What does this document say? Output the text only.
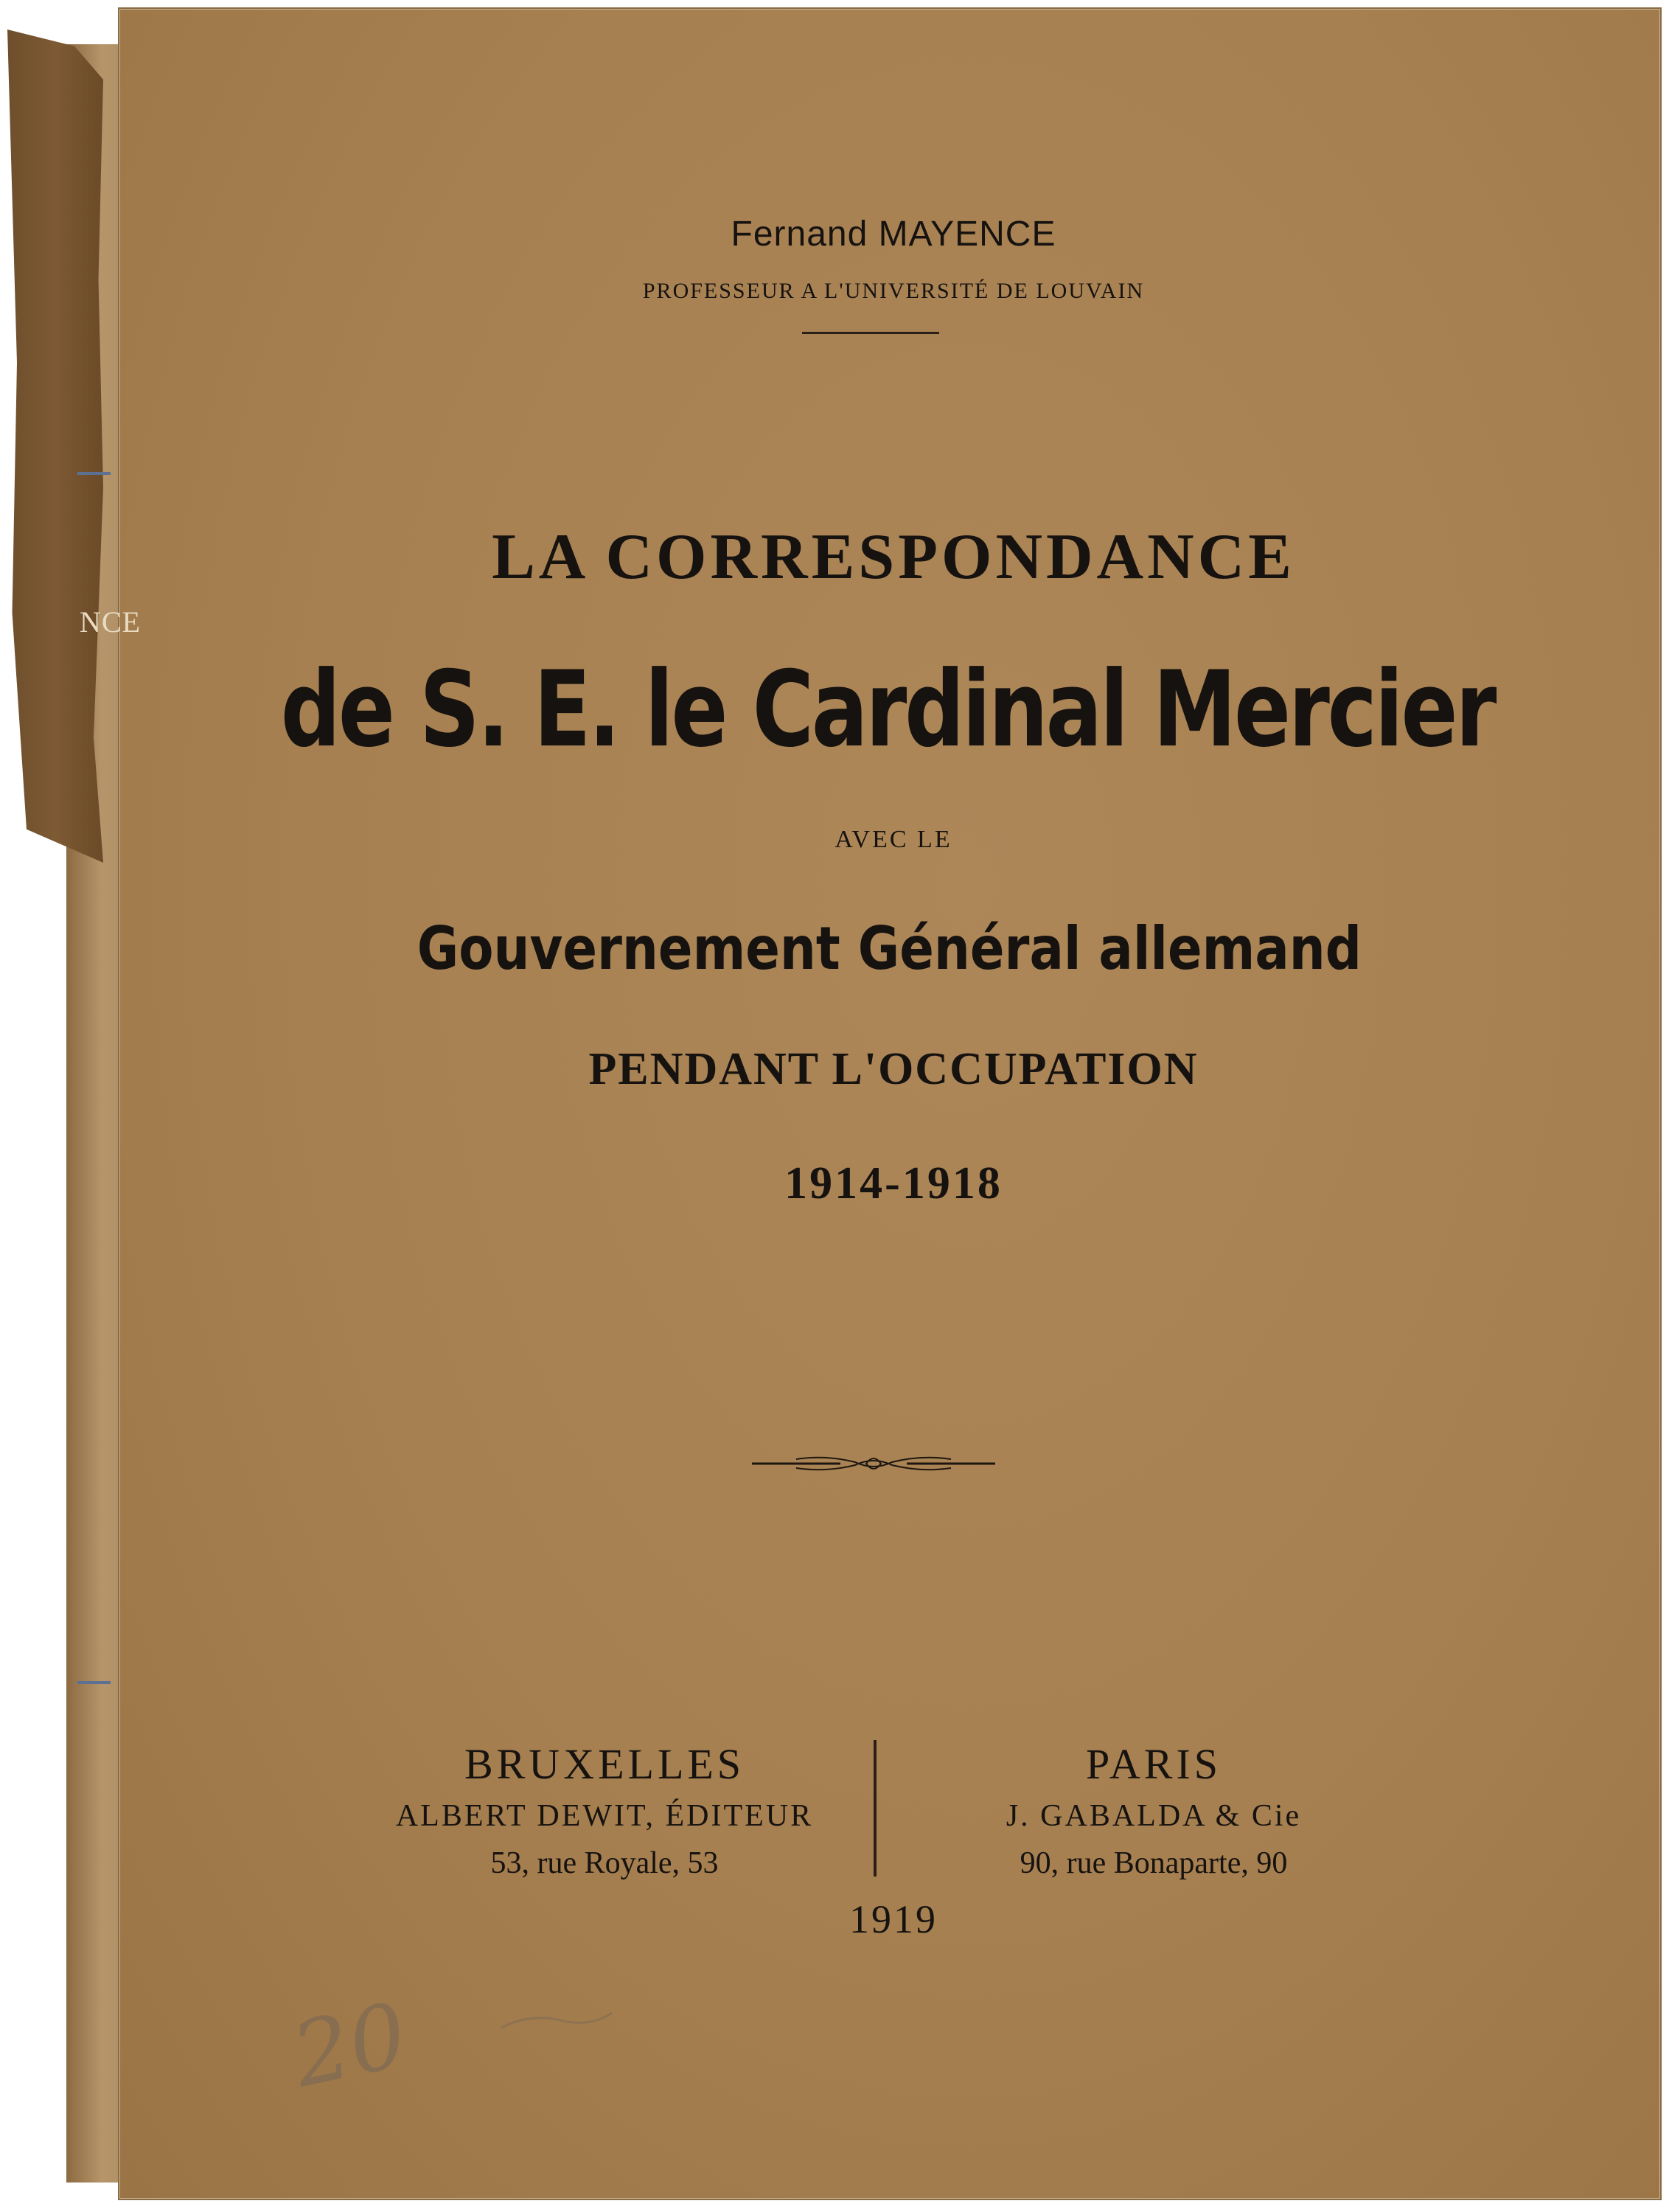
NCE
Fernand MAYENCE
PROFESSEUR A L'UNIVERSITÉ DE LOUVAIN
LA CORRESPONDANCE
de S. E. le Cardinal Mercier
AVEC LE
Gouvernement Général allemand
PENDANT L'OCCUPATION
1914-1918
BRUXELLES
ALBERT DEWIT, ÉDITEUR
53, rue Royale, 53
PARIS
J. GABALDA & Cie
90, rue Bonaparte, 90
1919
20
